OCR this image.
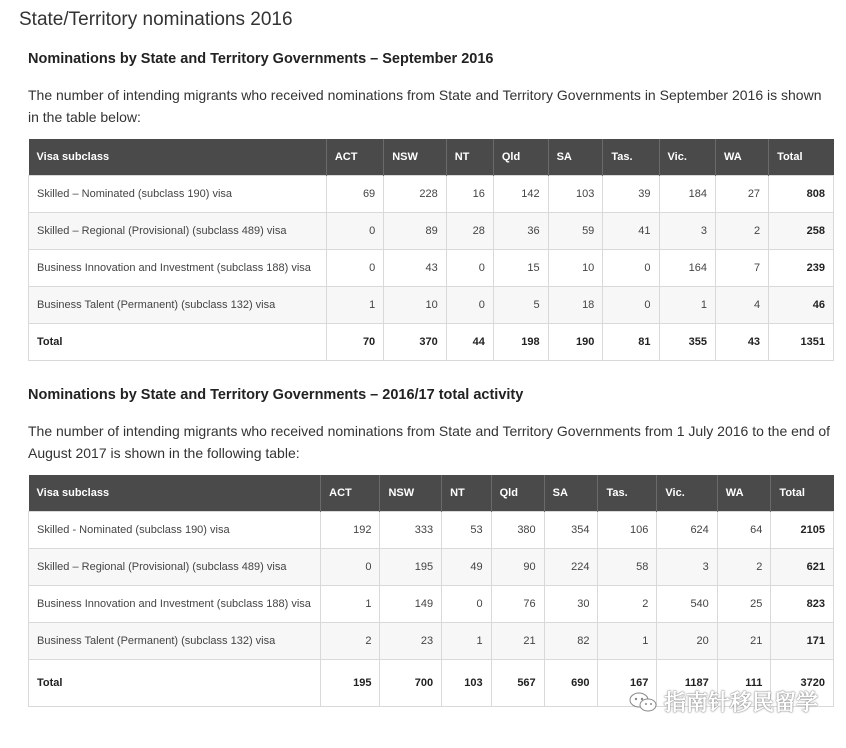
State/Territory nominations 2016
Nominations by State and Territory Governments – September 2016

The number of intending migrants who received nominations from State and Territory Governments in September 2016 is shown in the table below:

Visa subclass	ACT	NSW	NT	Qld	SA	Tas.	Vic.	WA	Total
Skilled – Nominated (subclass 190) visa	69	228	16	142	103	39	184	27	808
Skilled – Regional (Provisional) (subclass 489) visa	0	89	28	36	59	41	3	2	258
Business Innovation and Investment (subclass 188) visa	0	43	0	15	10	0	164	7	239
Business Talent (Permanent) (subclass 132) visa	1	10	0	5	18	0	1	4	46
Total	70	370	44	198	190	81	355	43	1351
Nominations by State and Territory Governments – 2016/17 total activity

The number of intending migrants who received nominations from State and Territory Governments from 1 July 2016 to the end of August 2017 is shown in the following table:

Visa subclass	ACT	NSW	NT	Qld	SA	Tas.	Vic.	WA	Total
Skilled - Nominated (subclass 190) visa	192	333	53	380	354	106	624	64	2105
Skilled – Regional (Provisional) (subclass 489) visa	0	195	49	90	224	58	3	2	621
Business Innovation and Investment (subclass 188) visa	1	149	0	76	30	2	540	25	823
Business Talent (Permanent) (subclass 132) visa	2	23	1	21	82	1	20	21	171
Total	195	700	103	567	690	167	1187	111	3720
指南针移民留学
